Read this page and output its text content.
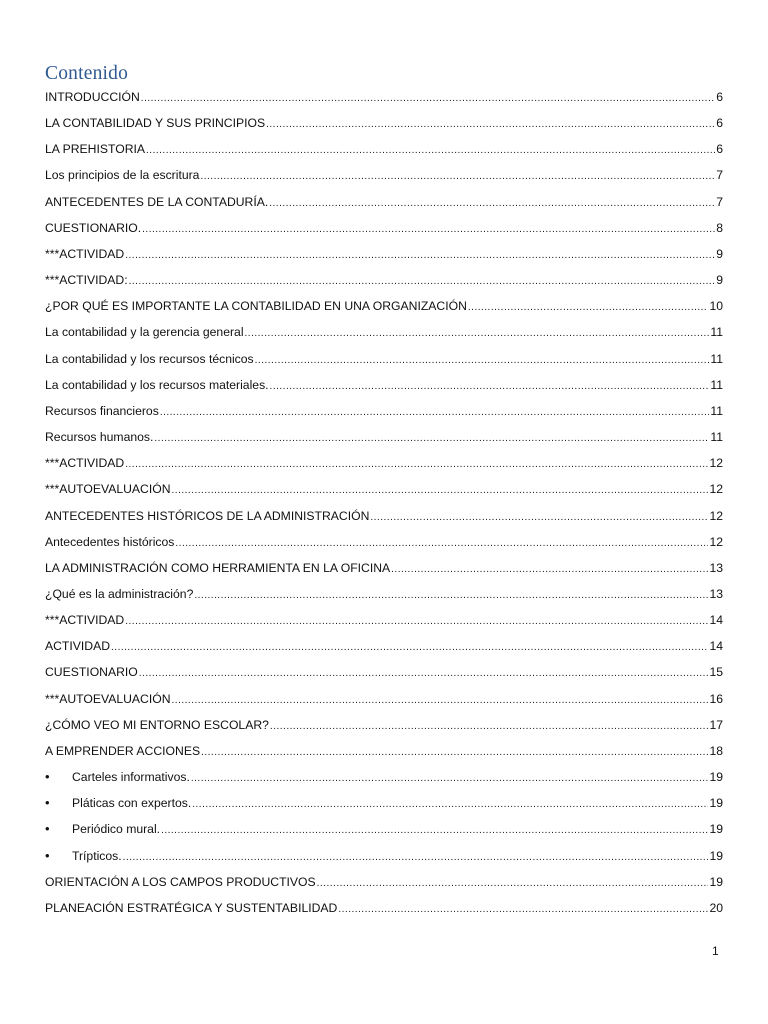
Contenido
INTRODUCCIÓN .....	6
LA CONTABILIDAD Y SUS PRINCIPIOS .....	6
LA PREHISTORIA .....	6
Los principios de la escritura .....	7
ANTECEDENTES DE LA CONTADURÍA. .....	7
CUESTIONARIO. .....	8
***ACTIVIDAD .....	9
***ACTIVIDAD: .....	9
¿POR QUÉ ES IMPORTANTE LA CONTABILIDAD EN UNA ORGANIZACIÓN .....	10
La contabilidad y la gerencia general .....	11
La contabilidad y los recursos técnicos .....	11
La contabilidad y los recursos materiales. .....	11
Recursos financieros .....	11
Recursos humanos. .....	11
***ACTIVIDAD .....	12
***AUTOEVALUACIÓN .....	12
ANTECEDENTES HISTÓRICOS DE LA ADMINISTRACIÓN .....	12
Antecedentes históricos .....	12
LA ADMINISTRACIÓN COMO HERRAMIENTA EN LA OFICINA .....	13
¿Qué es la administración? .....	13
***ACTIVIDAD .....	14
ACTIVIDAD .....	14
CUESTIONARIO .....	15
***AUTOEVALUACIÓN .....	16
¿CÓMO VEO MI ENTORNO ESCOLAR? .....	17
A EMPRENDER ACCIONES .....	18
•	Carteles informativos. .....	19
•	Pláticas con expertos. .....	19
•	Periódico mural. .....	19
•	Trípticos. .....	19
ORIENTACIÓN A LOS CAMPOS PRODUCTIVOS .....	19
PLANEACIÓN ESTRATÉGICA Y SUSTENTABILIDAD .....	20
1
